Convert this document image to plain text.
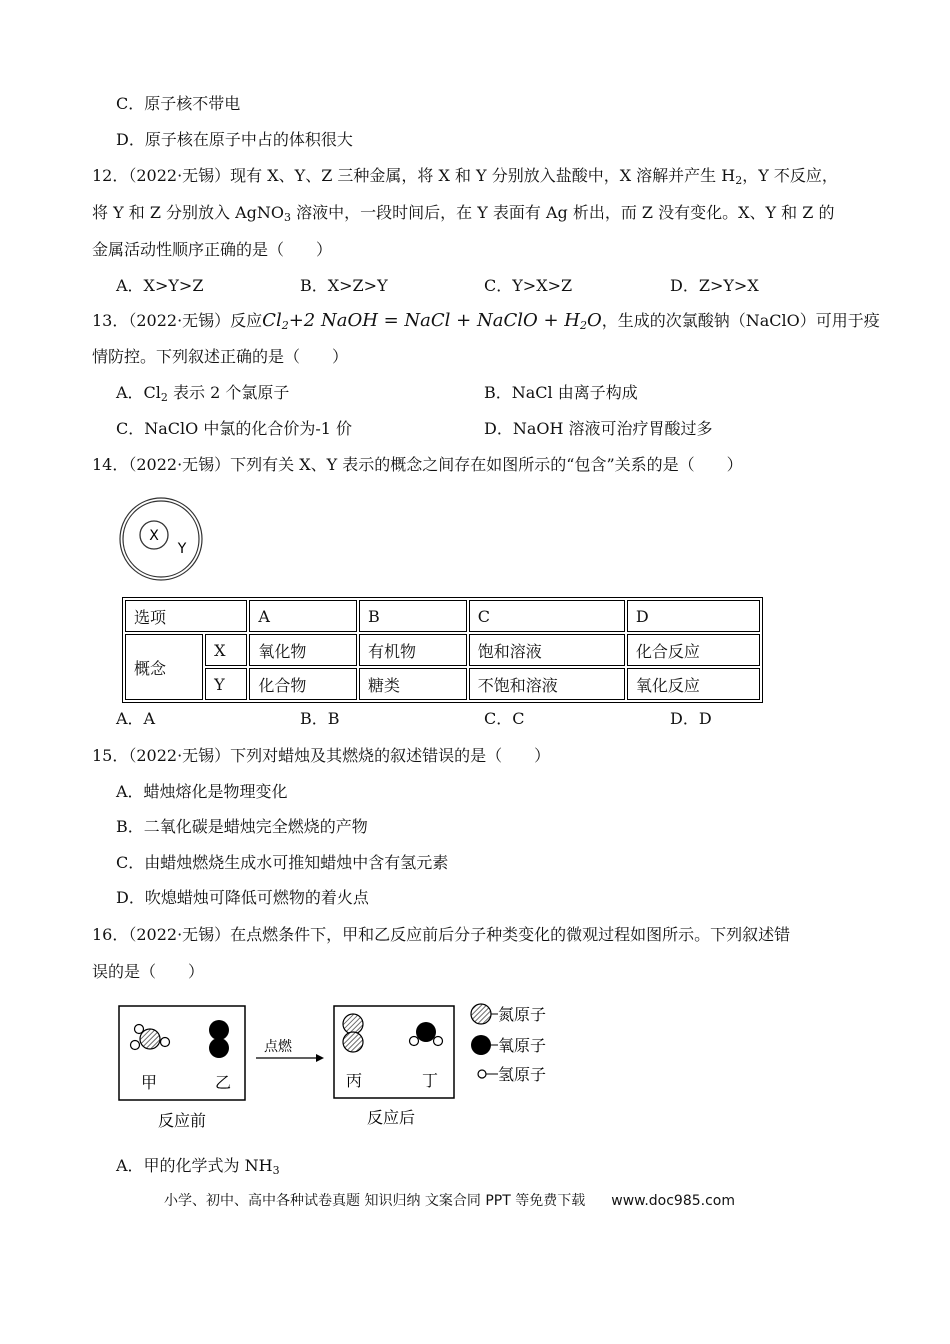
C．原子核不带电
D．原子核在原子中占的体积很大
12．（2022·无锡）现有 X、Y、Z 三种金属，将 X 和 Y 分别放入盐酸中，X 溶解并产生 $H_2$，Y 不反应，
将 Y 和 Z 分别放入 AgNO$_3$ 溶液中，一段时间后，在 Y 表面有 Ag 析出，而 Z 没有变化。X、Y 和 Z 的
金属活动性顺序正确的是（　　）
A．X>Y>Z	B．X>Z>Y	C．Y>X>Z	D．Z>Y>X
13．（2022·无锡）反应$Cl_2+2$ NaOH = NaCl + NaClO + $H_2O$，生成的次氯酸钠（NaClO）可用于疫
情防控。下列叙述正确的是（　　）
A．$Cl_2$ 表示 2 个氯原子	B．NaCl 由离子构成
C．NaClO 中氯的化合价为-1 价	D．NaOH 溶液可治疗胃酸过多
14．（2022·无锡）下列有关 X、Y 表示的概念之间存在如图所示的“包含”关系的是（　　）
X
Y
选项		A	B	C	D
概念	X	氧化物	有机物	饱和溶液	化合反应
	Y	化合物	糖类	不饱和溶液	氧化反应
A．A	B．B	C．C	D．D
15．（2022·无锡）下列对蜡烛及其燃烧的叙述错误的是（　　）
A．蜡烛熔化是物理变化
B．二氧化碳是蜡烛完全燃烧的产物
C．由蜡烛燃烧生成水可推知蜡烛中含有氢元素
D．吹熄蜡烛可降低可燃物的着火点
16．（2022·无锡）在点燃条件下，甲和乙反应前后分子种类变化的微观过程如图所示。下列叙述错
误的是（　　）
甲	乙
反应前
点燃
丙	丁
反应后
氮原子
氧原子
氢原子
A．甲的化学式为 $NH_3$
小学、初中、高中各种试卷真题 知识归纳 文案合同 PPT 等免费下载 www.doc985.com
